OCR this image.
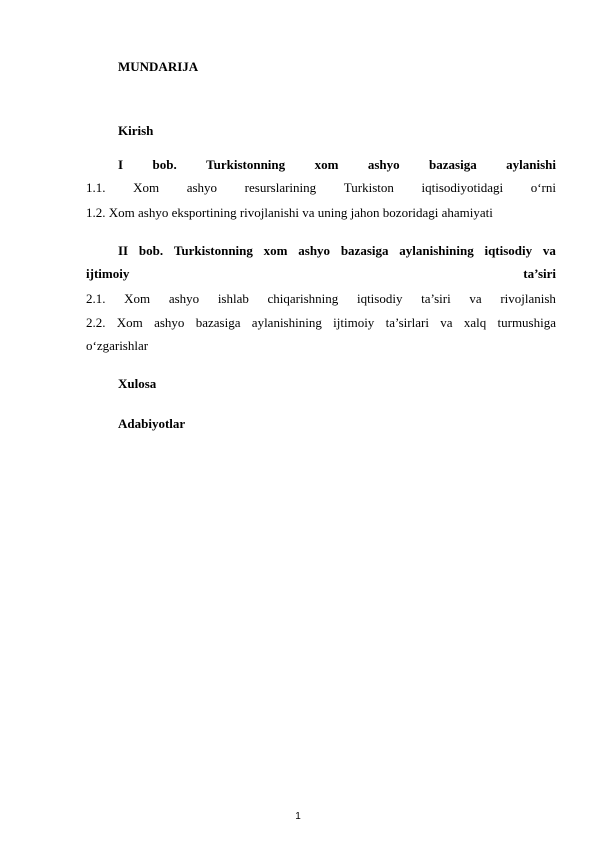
MUNDARIJA
Kirish
I bob. Turkistonning xom ashyo bazasiga aylanishi
1.1. Xom ashyo resurslarining Turkiston iqtisodiyotidagi o‘rni
1.2. Xom ashyo eksportining rivojlanishi va uning jahon bozoridagi ahamiyati
II bob. Turkistonning xom ashyo bazasiga aylanishining iqtisodiy va
ijtimoiy	ta’siri
2.1. Xom ashyo ishlab chiqarishning iqtisodiy ta’siri va rivojlanish
2.2. Xom ashyo bazasiga aylanishining ijtimoiy ta’sirlari va xalq turmushiga
o‘zgarishlar
Xulosa
Adabiyotlar
1
